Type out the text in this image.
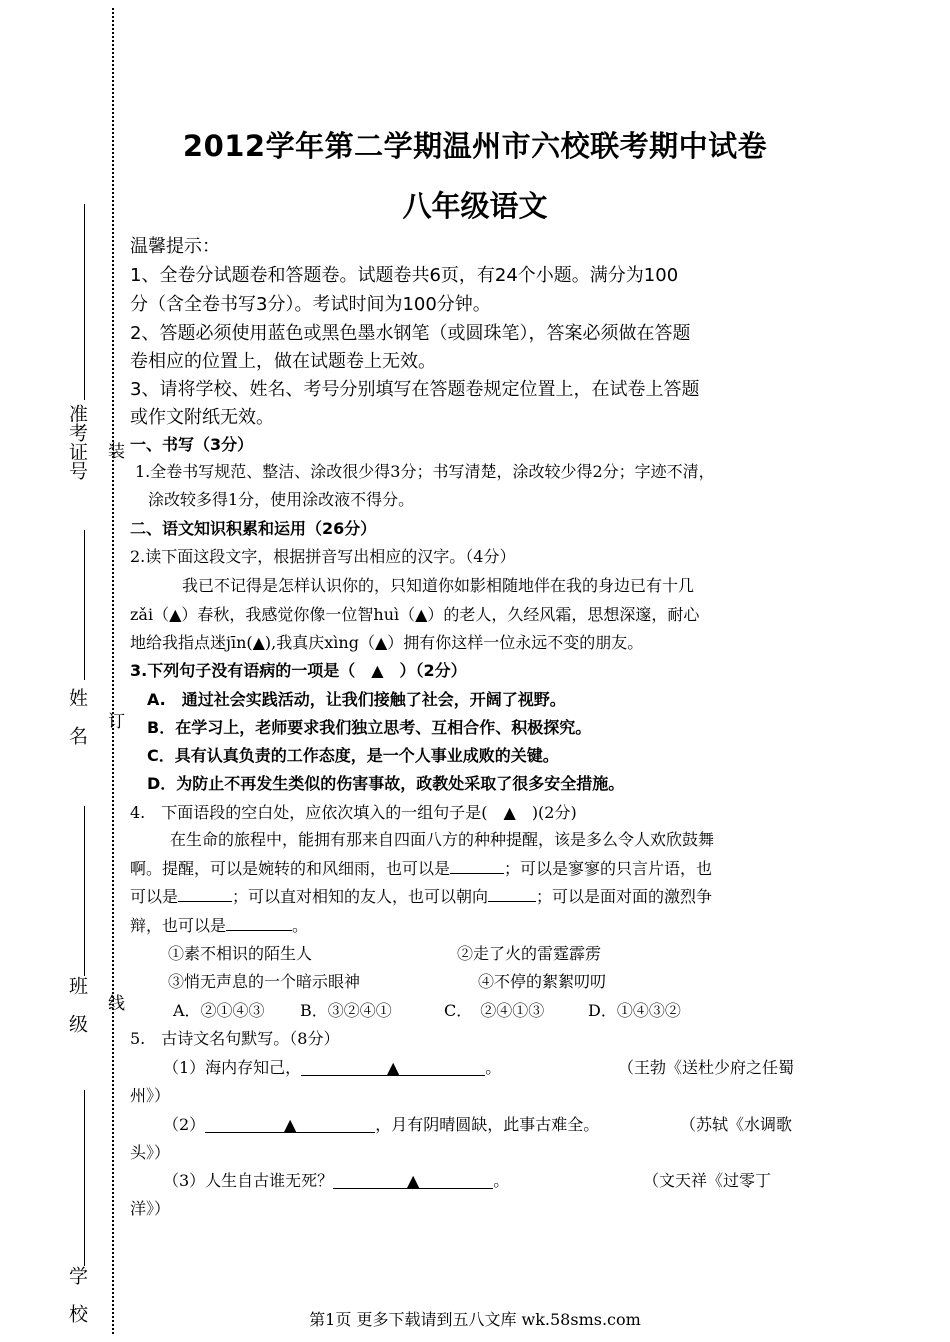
准考证号
姓　名
班　级
学　校
装
订
线
2012学年第二学期温州市六校联考期中试卷
八年级语文
温馨提示：
1、全卷分试题卷和答题卷。试题卷共6页，有24个小题。满分为100
分（含全卷书写3分）。考试时间为100分钟。
2、答题必须使用蓝色或黑色墨水钢笔（或圆珠笔），答案必须做在答题
卷相应的位置上，做在试题卷上无效。
3、请将学校、姓名、考号分别填写在答题卷规定位置上，在试卷上答题
或作文附纸无效。
一、书写（3分）
1.全卷书写规范、整洁、涂改很少得3分；书写清楚，涂改较少得2分；字迹不清，
涂改较多得1分，使用涂改液不得分。
二、语文知识积累和运用（26分）
2.读下面这段文字，根据拼音写出相应的汉字。（4分）
我已不记得是怎样认识你的，只知道你如影相随地伴在我的身边已有十几
zǎi（▲）春秋，我感觉你像一位智huì（▲）的老人，久经风霜，思想深邃，耐心
地给我指点迷jīn(▲),我真庆xìng（▲）拥有你这样一位永远不变的朋友。
3.下列句子没有语病的一项是（　▲　）（2分）
A.　通过社会实践活动，让我们接触了社会，开阔了视野。
B．在学习上，老师要求我们独立思考、互相合作、积极探究。
C．具有认真负责的工作态度，是一个人事业成败的关键。
D．为防止不再发生类似的伤害事故，政教处采取了很多安全措施。
4.　下面语段的空白处，应依次填入的一组句子是(　▲　)(2分)
在生命的旅程中，能拥有那来自四面八方的种种提醒，该是多么令人欢欣鼓舞
啊。提醒，可以是婉转的和风细雨，也可以是	；可以是寥寥的只言片语，也
可以是	；可以直对相知的友人，也可以朝向	；可以是面对面的激烈争
辩，也可以是	。
①素不相识的陌生人	②走了火的雷霆霹雳
③悄无声息的一个暗示眼神	④不停的絮絮叨叨
A．②①④③ B．③②④①	C．　②④①③	D．①④③②
5.　古诗文名句默写。（8分）
（1）海内存知己，	▲	。	（王勃《送杜少府之任蜀
州》）
（2）	▲	，月有阴晴圆缺，此事古难全。	（苏轼《水调歌
头》）
（3）人生自古谁无死？	▲	。	（文天祥《过零丁
洋》）
第1页 更多下载请到五八文库 wk.58sms.com
